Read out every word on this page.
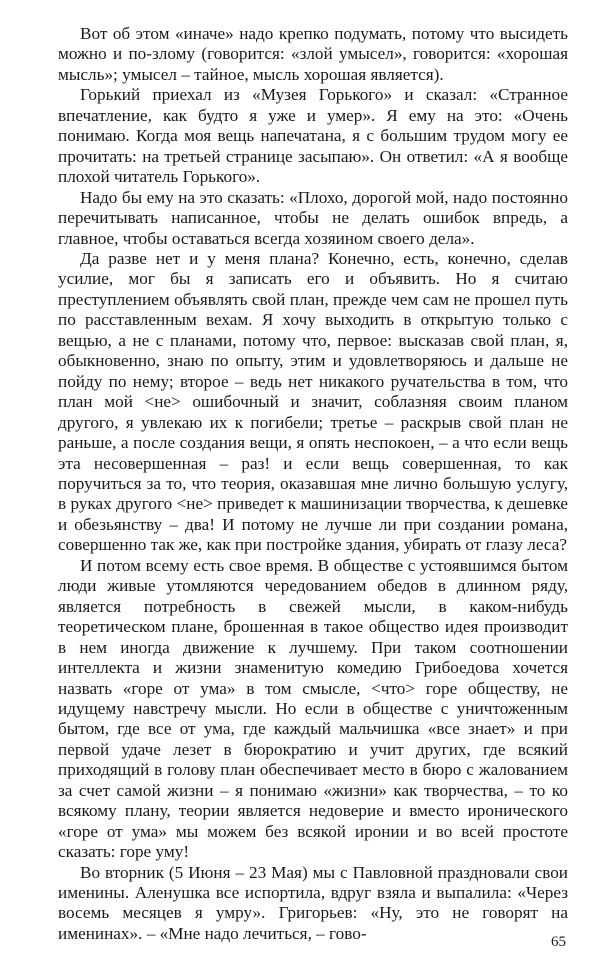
Вот об этом «иначе» надо крепко подумать, потому что высидеть можно и по-злому (говорится: «злой умысел», говорится: «хорошая мысль»; умысел – тайное, мысль хорошая является).

Горький приехал из «Музея Горького» и сказал: «Странное впечатление, как будто я уже и умер». Я ему на это: «Очень понимаю. Когда моя вещь напечатана, я с большим трудом могу ее прочитать: на третьей странице засыпаю». Он ответил: «А я вообще плохой читатель Горького».

Надо бы ему на это сказать: «Плохо, дорогой мой, надо постоянно перечитывать написанное, чтобы не делать ошибок впредь, а главное, чтобы оставаться всегда хозяином своего дела».

Да разве нет и у меня плана? Конечно, есть, конечно, сделав усилие, мог бы я записать его и объявить. Но я считаю преступлением объявлять свой план, прежде чем сам не прошел путь по расставленным вехам. Я хочу выходить в открытую только с вещью, а не с планами, потому что, первое: высказав свой план, я, обыкновенно, знаю по опыту, этим и удовлетворяюсь и дальше не пойду по нему; второе – ведь нет никакого ручательства в том, что план мой <не> ошибочный и значит, соблазняя своим планом другого, я увлекаю их к погибели; третье – раскрыв свой план не раньше, а после создания вещи, я опять неспокоен, – а что если вещь эта несовершенная – раз! и если вещь совершенная, то как поручиться за то, что теория, оказавшая мне лично большую услугу, в руках другого <не> приведет к машинизации творчества, к дешевке и обезьянству – два! И потому не лучше ли при создании романа, совершенно так же, как при постройке здания, убирать от глазу леса?

И потом всему есть свое время. В обществе с устоявшимся бытом люди живые утомляются чередованием обедов в длинном ряду, является потребность в свежей мысли, в каком-нибудь теоретическом плане, брошенная в такое общество идея производит в нем иногда движение к лучшему. При таком соотношении интеллекта и жизни знаменитую комедию Грибоедова хочется назвать «горе от ума» в том смысле, <что> горе обществу, не идущему навстречу мысли. Но если в обществе с уничтоженным бытом, где все от ума, где каждый мальчишка «все знает» и при первой удаче лезет в бюрократию и учит других, где всякий приходящий в голову план обеспечивает место в бюро с жалованием за счет самой жизни – я понимаю «жизни» как творчества, – то ко всякому плану, теории является недоверие и вместо иронического «горе от ума» мы можем без всякой иронии и во всей простоте сказать: горе уму!

Во вторник (5 Июня – 23 Мая) мы с Павловной праздновали свои именины. Аленушка все испортила, вдруг взяла и выпалила: «Через восемь месяцев я умру». Григорьев: «Ну, это не говорят на именинах». – «Мне надо лечиться, – гово-	65
